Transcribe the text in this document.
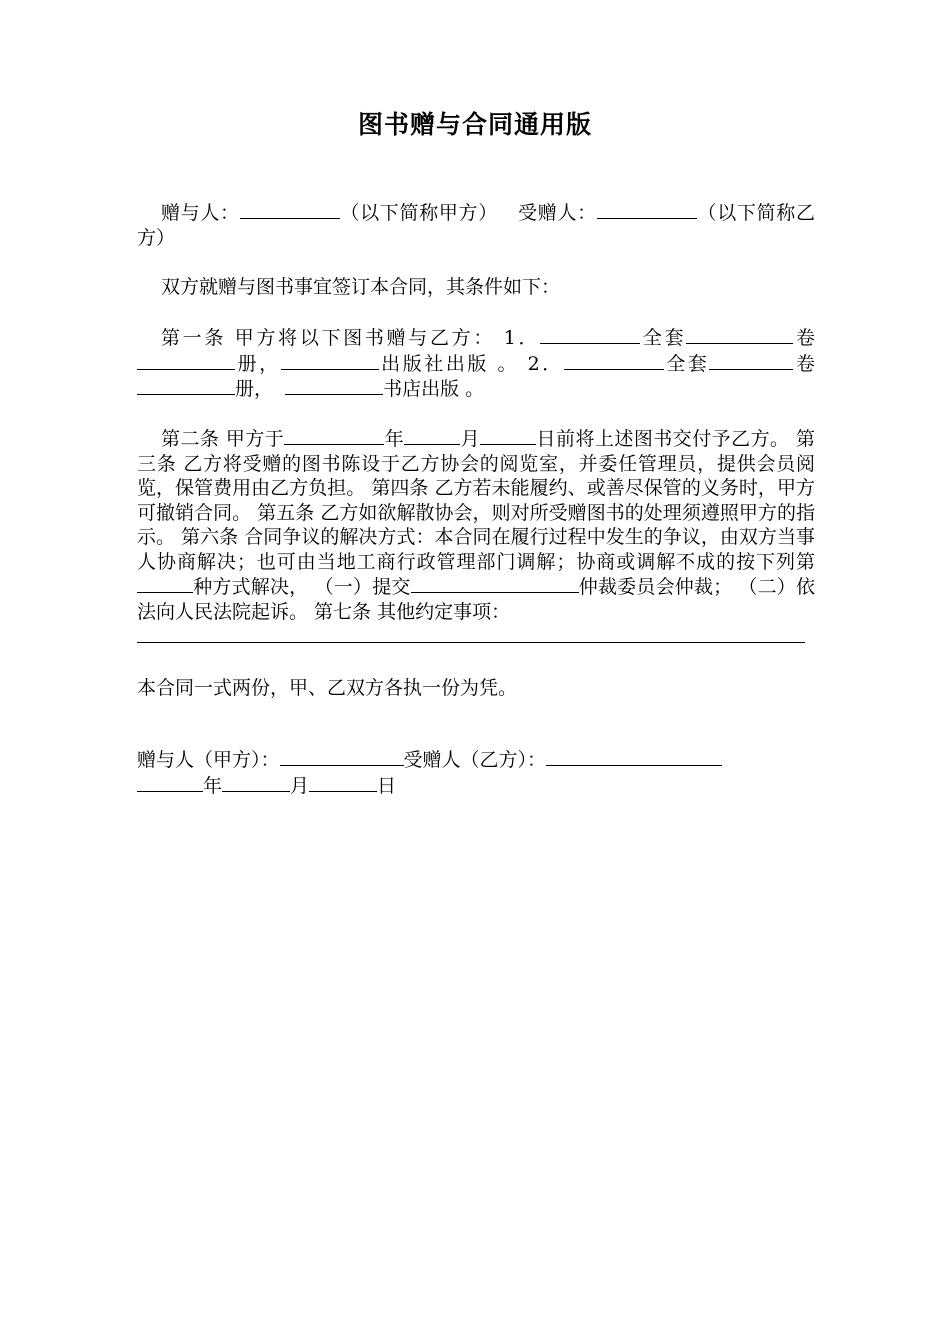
图书赠与合同通用版
赠与人：	（以下简称甲方） 受赠人：	（以下简称乙方）
双方就赠与图书事宜签订本合同，其条件如下：
第一条 甲方将以下图书赠与乙方： 1．	全套	卷册，	出版社出版 。 2．	全套	卷册，	书店出版 。
第二条 甲方于	年	月	日前将上述图书交付予乙方。 第三条 乙方将受赠的图书陈设于乙方协会的阅览室，并委任管理员，提供会员阅览，保管费用由乙方负担。 第四条 乙方若未能履约、或善尽保管的义务时，甲方可撤销合同。 第五条 乙方如欲解散协会，则对所受赠图书的处理须遵照甲方的指示。 第六条 合同争议的解决方式：本合同在履行过程中发生的争议，由双方当事人协商解决；也可由当地工商行政管理部门调解；协商或调解不成的按下列第种方式解决， （一）提交	仲裁委员会仲裁； （二）依法向人民法院起诉。 第七条 其他约定事项：
本合同一式两份，甲、乙双方各执一份为凭。
赠与人（甲方）：	受赠人（乙方）：
年	月	日
